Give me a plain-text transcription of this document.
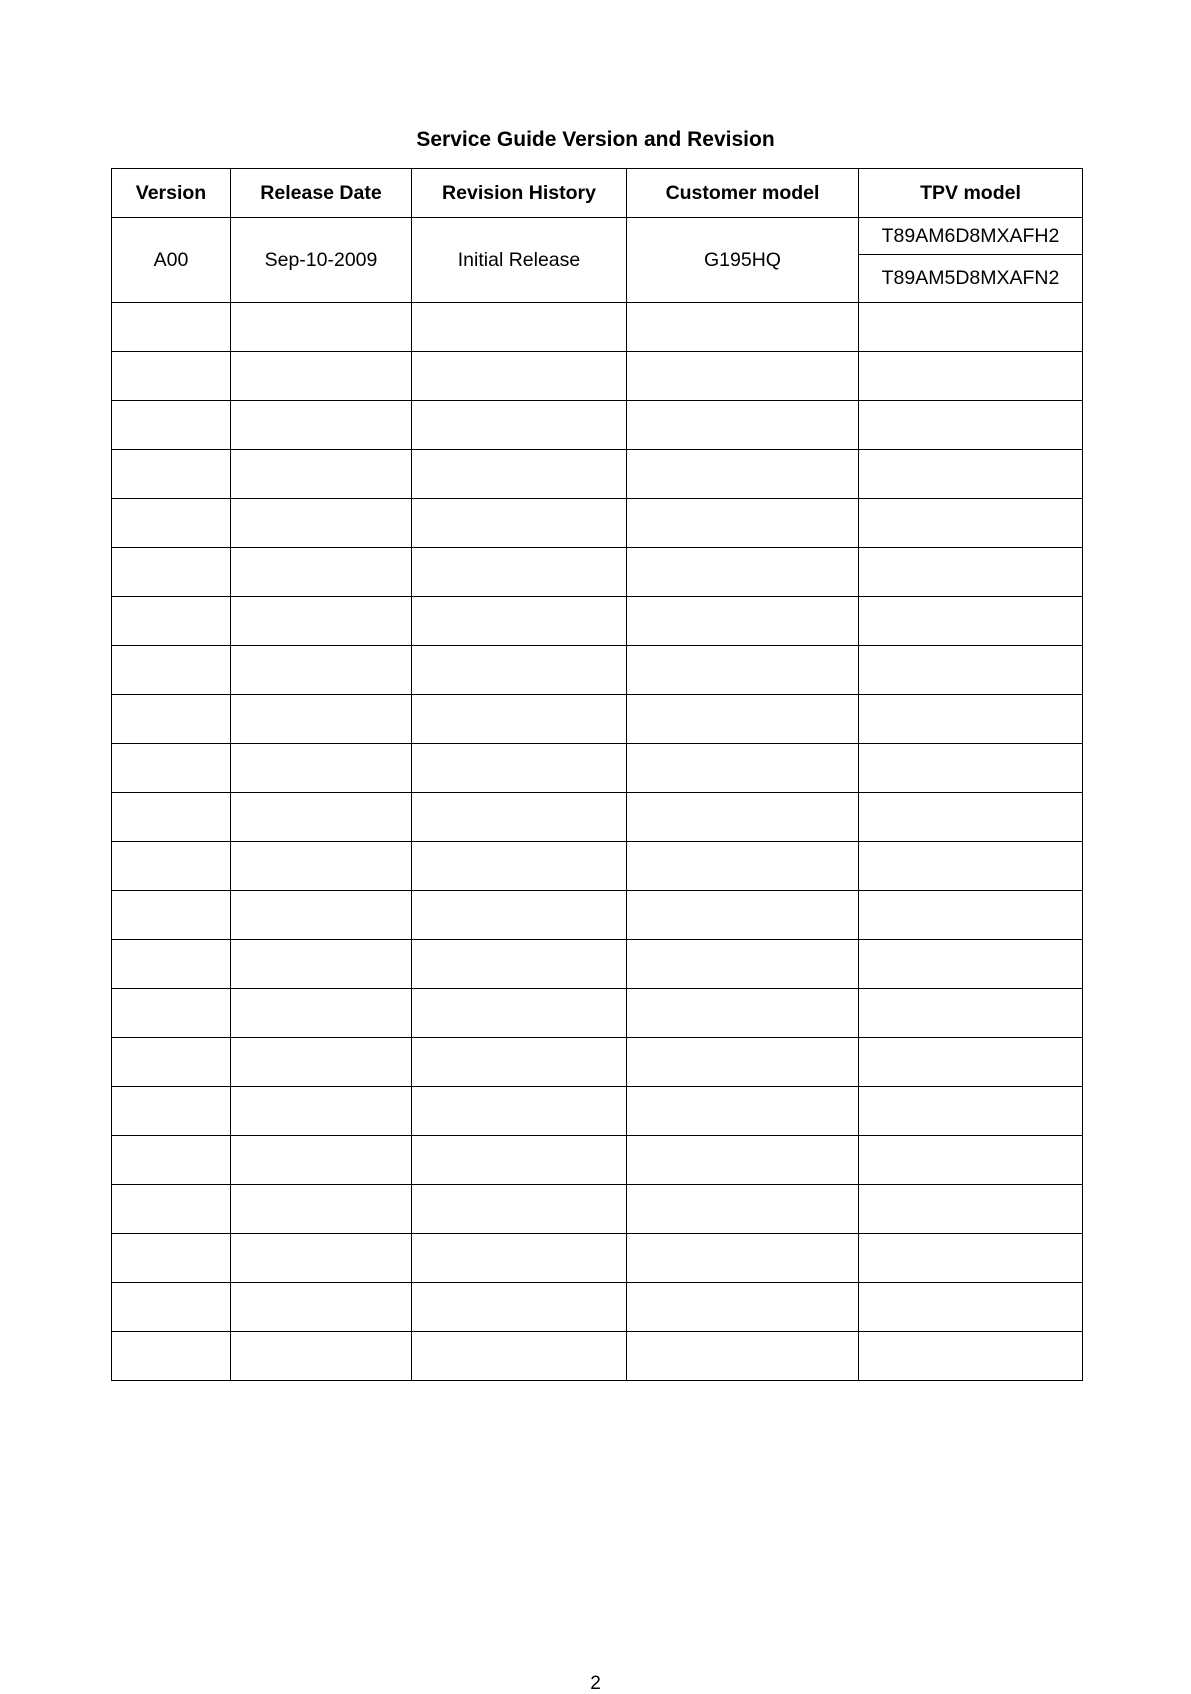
Service Guide Version and Revision
Version	Release Date	Revision History	Customer model	TPV model
A00	Sep-10-2009	Initial Release	G195HQ	T89AM6D8MXAFH2
				T89AM5D8MXAFN2

2
